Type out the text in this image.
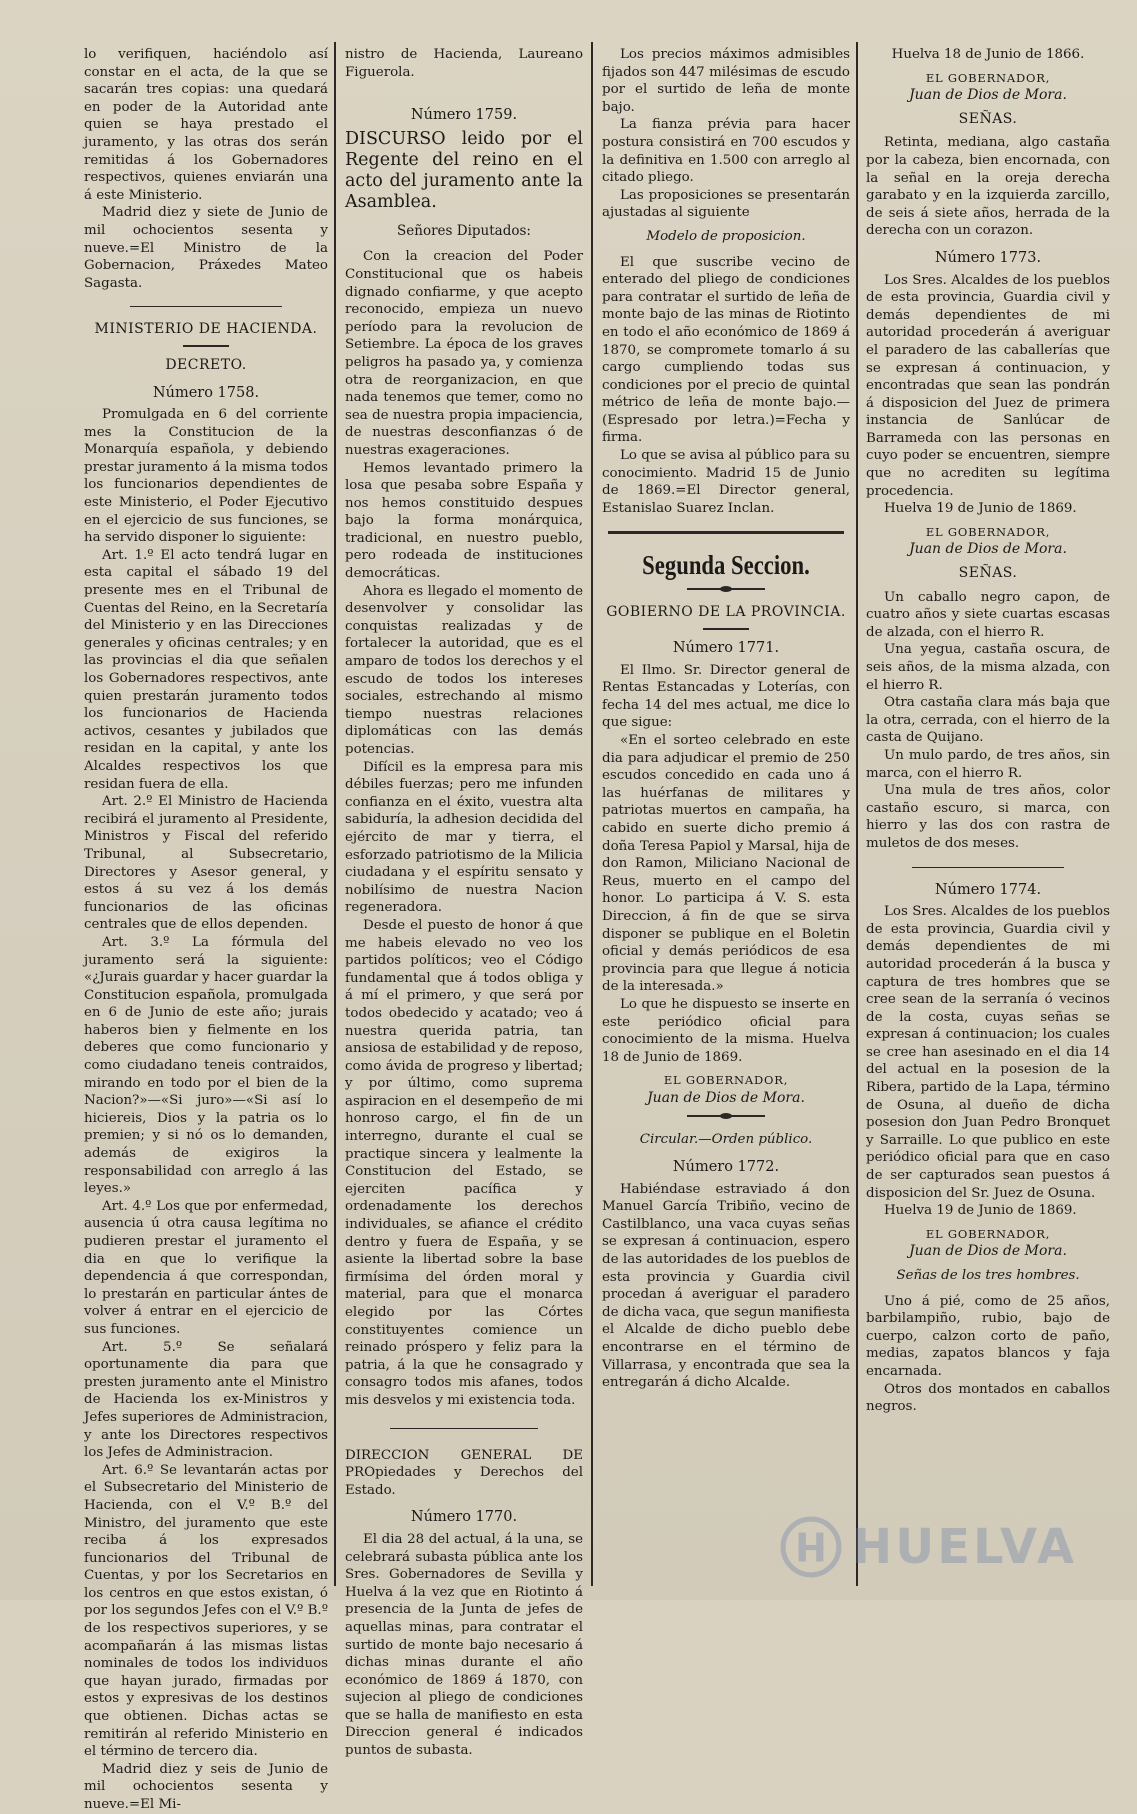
lo verifiquen, haciéndolo así constar en el acta, de la que se sacarán tres copias: una quedará en poder de la Autoridad ante quien se haya prestado el juramento, y las otras dos serán remitidas á los Gobernadores respectivos, quienes enviarán una á este Ministerio.

Madrid diez y siete de Junio de mil ochocientos sesenta y nueve.=El Ministro de la Gobernacion, Práxedes Mateo Sagasta.

MINISTERIO DE HACIENDA.
DECRETO.
Número 1758.

Promulgada en 6 del corriente mes la Constitucion de la Monarquía española, y debiendo prestar juramento á la misma todos los funcionarios dependientes de este Ministerio, el Poder Ejecutivo en el ejercicio de sus funciones, se ha servido disponer lo siguiente:

Art. 1.º El acto tendrá lugar en esta capital el sábado 19 del presente mes en el Tribunal de Cuentas del Reino, en la Secretaría del Ministerio y en las Direcciones generales y oficinas centrales; y en las provincias el dia que señalen los Gobernadores respectivos, ante quien prestarán juramento todos los funcionarios de Hacienda activos, cesantes y jubilados que residan en la capital, y ante los Alcaldes respectivos los que residan fuera de ella.

Art. 2.º El Ministro de Hacienda recibirá el juramento al Presidente, Ministros y Fiscal del referido Tribunal, al Subsecretario, Directores y Asesor general, y estos á su vez á los demás funcionarios de las oficinas centrales que de ellos dependen.

Art. 3.º La fórmula del juramento será la siguiente: «¿Jurais guardar y hacer guardar la Constitucion española, promulgada en 6 de Junio de este año; jurais haberos bien y fielmente en los deberes que como funcionario y como ciudadano teneis contraidos, mirando en todo por el bien de la Nacion?»—«Si juro»—«Si así lo hiciereis, Dios y la patria os lo premien; y si nó os lo demanden, además de exigiros la responsabilidad con arreglo á las leyes.»

Art. 4.º Los que por enfermedad, ausencia ú otra causa legítima no pudieren prestar el juramento el dia en que lo verifique la dependencia á que correspondan, lo prestarán en particular ántes de volver á entrar en el ejercicio de sus funciones.

Art. 5.º Se señalará oportunamente dia para que presten juramento ante el Ministro de Hacienda los ex-Ministros y Jefes superiores de Administracion, y ante los Directores respectivos los Jefes de Administracion.

Art. 6.º Se levantarán actas por el Subsecretario del Ministerio de Hacienda, con el V.º B.º del Ministro, del juramento que este reciba á los expresados funcionarios del Tribunal de Cuentas, y por los Secretarios en los centros en que estos existan, ó por los segundos Jefes con el V.º B.º de los respectivos superiores, y se acompañarán á las mismas listas nominales de todos los individuos que hayan jurado, firmadas por estos y expresivas de los destinos que obtienen. Dichas actas se remitirán al referido Ministerio en el término de tercero dia.

Madrid diez y seis de Junio de mil ochocientos sesenta y nueve.=El Mi-

nistro de Hacienda, Laureano Figuerola.

Número 1759.
DISCURSO leido por el Regente del reino en el acto del juramento ante la Asamblea.
Señores Diputados:

Con la creacion del Poder Constitucional que os habeis dignado confiarme, y que acepto reconocido, empieza un nuevo período para la revolucion de Setiembre. La época de los graves peligros ha pasado ya, y comienza otra de reorganizacion, en que nada tenemos que temer, como no sea de nuestra propia impaciencia, de nuestras desconfianzas ó de nuestras exageraciones.

Hemos levantado primero la losa que pesaba sobre España y nos hemos constituido despues bajo la forma monárquica, tradicional, en nuestro pueblo, pero rodeada de instituciones democráticas.

Ahora es llegado el momento de desenvolver y consolidar las conquistas realizadas y de fortalecer la autoridad, que es el amparo de todos los derechos y el escudo de todos los intereses sociales, estrechando al mismo tiempo nuestras relaciones diplomáticas con las demás potencias.

Difícil es la empresa para mis débiles fuerzas; pero me infunden confianza en el éxito, vuestra alta sabiduría, la adhesion decidida del ejército de mar y tierra, el esforzado patriotismo de la Milicia ciudadana y el espíritu sensato y nobilísimo de nuestra Nacion regeneradora.

Desde el puesto de honor á que me habeis elevado no veo los partidos políticos; veo el Código fundamental que á todos obliga y á mí el primero, y que será por todos obedecido y acatado; veo á nuestra querida patria, tan ansiosa de estabilidad y de reposo, como ávida de progreso y libertad; y por último, como suprema aspiracion en el desempeño de mi honroso cargo, el fin de un interregno, durante el cual se practique sincera y lealmente la Constitucion del Estado, se ejerciten pacífica y ordenadamente los derechos individuales, se afiance el crédito dentro y fuera de España, y se asiente la libertad sobre la base firmísima del órden moral y material, para que el monarca elegido por las Córtes constituyentes comience un reinado próspero y feliz para la patria, á la que he consagrado y consagro todos mis afanes, todos mis desvelos y mi existencia toda.

DIRECCION GENERAL DE PROpiedades y Derechos del Estado.

Número 1770.

El dia 28 del actual, á la una, se celebrará subasta pública ante los Sres. Gobernadores de Sevilla y Huelva á la vez que en Riotinto á presencia de la Junta de jefes de aquellas minas, para contratar el surtido de monte bajo necesario á dichas minas durante el año económico de 1869 á 1870, con sujecion al pliego de condiciones que se halla de manifiesto en esta Direccion general é indicados puntos de subasta.

Los precios máximos admisibles fijados son 447 milésimas de escudo por el surtido de leña de monte bajo.

La fianza prévia para hacer postura consistirá en 700 escudos y la definitiva en 1.500 con arreglo al citado pliego.

Las proposiciones se presentarán ajustadas al siguiente

Modelo de proposicion.

El que suscribe vecino de enterado del pliego de condiciones para contratar el surtido de leña de monte bajo de las minas de Riotinto en todo el año económico de 1869 á 1870, se compromete tomarlo á su cargo cumpliendo todas sus condiciones por el precio de quintal métrico de leña de monte bajo.—(Espresado por letra.)=Fecha y firma.

Lo que se avisa al público para su conocimiento. Madrid 15 de Junio de 1869.=El Director general, Estanislao Suarez Inclan.

Segunda Seccion.
GOBIERNO DE LA PROVINCIA.
Número 1771.

El Ilmo. Sr. Director general de Rentas Estancadas y Loterías, con fecha 14 del mes actual, me dice lo que sigue:

«En el sorteo celebrado en este dia para adjudicar el premio de 250 escudos concedido en cada uno á las huérfanas de militares y patriotas muertos en campaña, ha cabido en suerte dicho premio á doña Teresa Papiol y Marsal, hija de don Ramon, Miliciano Nacional de Reus, muerto en el campo del honor. Lo participa á V. S. esta Direccion, á fin de que se sirva disponer se publique en el Boletin oficial y demás periódicos de esa provincia para que llegue á noticia de la interesada.»

Lo que he dispuesto se inserte en este periódico oficial para conocimiento de la misma. Huelva 18 de Junio de 1869.

EL GOBERNADOR,
Juan de Dios de Mora.
Circular.—Orden público.
Número 1772.

Habiéndase estraviado á don Manuel García Tribiño, vecino de Castilblanco, una vaca cuyas señas se expresan á continuacion, espero de las autoridades de los pueblos de esta provincia y Guardia civil procedan á averiguar el paradero de dicha vaca, que segun manifiesta el Alcalde de dicho pueblo debe encontrarse en el término de Villarrasa, y encontrada que sea la entregarán á dicho Alcalde.

Huelva 18 de Junio de 1866.

EL GOBERNADOR,
Juan de Dios de Mora.
SEÑAS.

Retinta, mediana, algo castaña por la cabeza, bien encornada, con la señal en la oreja derecha garabato y en la izquierda zarcillo, de seis á siete años, herrada de la derecha con un corazon.

Número 1773.

Los Sres. Alcaldes de los pueblos de esta provincia, Guardia civil y demás dependientes de mi autoridad procederán á averiguar el paradero de las caballerías que se expresan á continuacion, y encontradas que sean las pondrán á disposicion del Juez de primera instancia de Sanlúcar de Barrameda con las personas en cuyo poder se encuentren, siempre que no acrediten su legítima procedencia.

Huelva 19 de Junio de 1869.

EL GOBERNADOR,
Juan de Dios de Mora.
SEÑAS.

Un caballo negro capon, de cuatro años y siete cuartas escasas de alzada, con el hierro R.

Una yegua, castaña oscura, de seis años, de la misma alzada, con el hierro R.

Otra castaña clara más baja que la otra, cerrada, con el hierro de la casta de Quijano.

Un mulo pardo, de tres años, sin marca, con el hierro R.

Una mula de tres años, color castaño escuro, si marca, con hierro y las dos con rastra de muletos de dos meses.

Número 1774.

Los Sres. Alcaldes de los pueblos de esta provincia, Guardia civil y demás dependientes de mi autoridad procederán á la busca y captura de tres hombres que se cree sean de la serranía ó vecinos de la costa, cuyas señas se expresan á continuacion; los cuales se cree han asesinado en el dia 14 del actual en la posesion de la Ribera, partido de la Lapa, término de Osuna, al dueño de dicha posesion don Juan Pedro Bronquet y Sarraille. Lo que publico en este periódico oficial para que en caso de ser capturados sean puestos á disposicion del Sr. Juez de Osuna.

Huelva 19 de Junio de 1869.

EL GOBERNADOR,
Juan de Dios de Mora.
Señas de los tres hombres.

Uno á pié, como de 25 años, barbilampiño, rubio, bajo de cuerpo, calzon corto de paño, medias, zapatos blancos y faja encarnada.

Otros dos montados en caballos negros.

HUELVA
